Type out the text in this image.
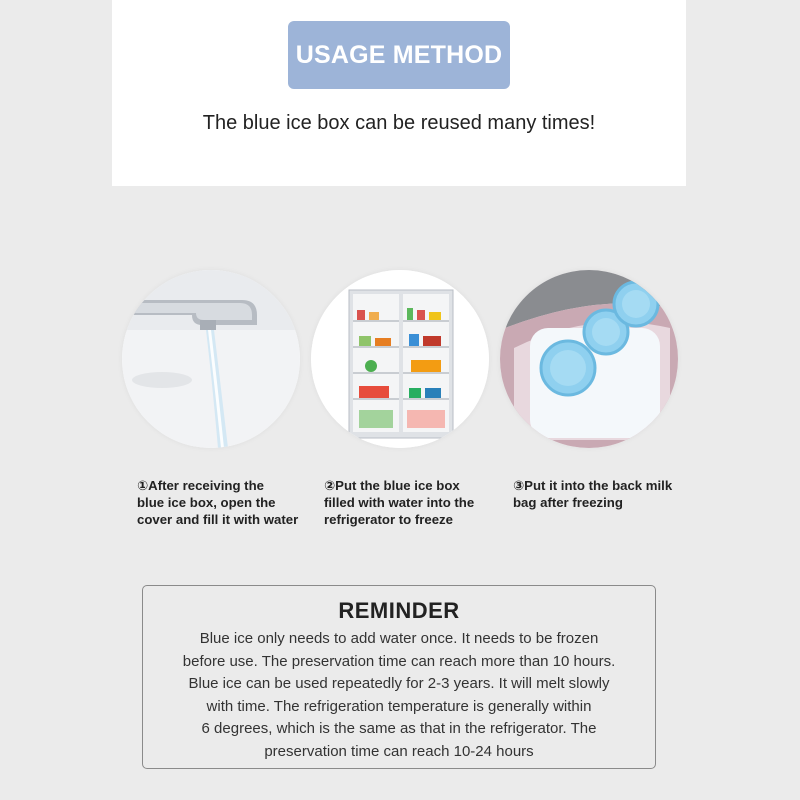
USAGE METHOD
The blue ice box can be reused many times!
①After receiving the
blue ice box, open the
cover and fill it with water
②Put the blue ice box
filled with water into the
refrigerator to freeze
③Put it into the back milk
bag after freezing
REMINDER
Blue ice only needs to add water once. It needs to be frozen
before use. The preservation time can reach more than 10 hours.
Blue ice can be used repeatedly for 2-3 years. It will melt slowly
with time. The refrigeration temperature is generally within
6 degrees, which is the same as that in the refrigerator. The
preservation time can reach 10-24 hours
